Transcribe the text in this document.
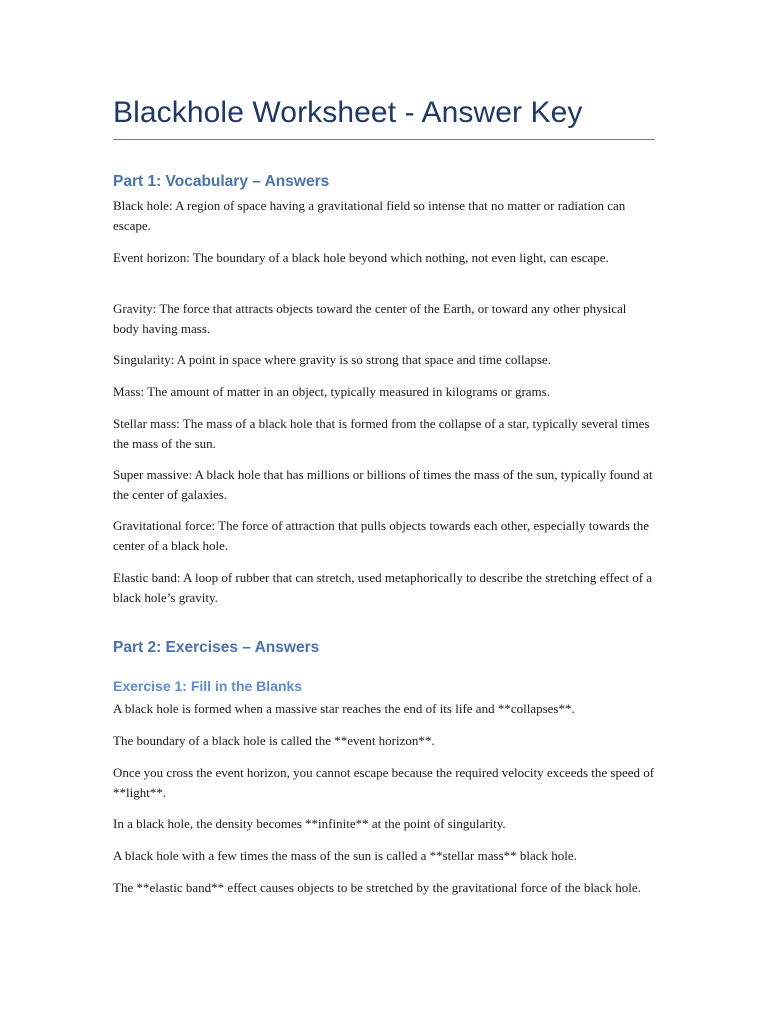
Blackhole Worksheet - Answer Key
Part 1: Vocabulary – Answers

Black hole: A region of space having a gravitational field so intense that no matter or radiation can escape.

Event horizon: The boundary of a black hole beyond which nothing, not even light, can escape.

Gravity: The force that attracts objects toward the center of the Earth, or toward any other physical body having mass.

Singularity: A point in space where gravity is so strong that space and time collapse.

Mass: The amount of matter in an object, typically measured in kilograms or grams.

Stellar mass: The mass of a black hole that is formed from the collapse of a star, typically several times the mass of the sun.

Super massive: A black hole that has millions or billions of times the mass of the sun, typically found at the center of galaxies.

Gravitational force: The force of attraction that pulls objects towards each other, especially towards the center of a black hole.

Elastic band: A loop of rubber that can stretch, used metaphorically to describe the stretching effect of a black hole’s gravity.

Part 2: Exercises – Answers
Exercise 1: Fill in the Blanks

A black hole is formed when a massive star reaches the end of its life and **collapses**.

The boundary of a black hole is called the **event horizon**.

Once you cross the event horizon, you cannot escape because the required velocity exceeds the speed of **light**.

In a black hole, the density becomes **infinite** at the point of singularity.

A black hole with a few times the mass of the sun is called a **stellar mass** black hole.

The **elastic band** effect causes objects to be stretched by the gravitational force of the black hole.
